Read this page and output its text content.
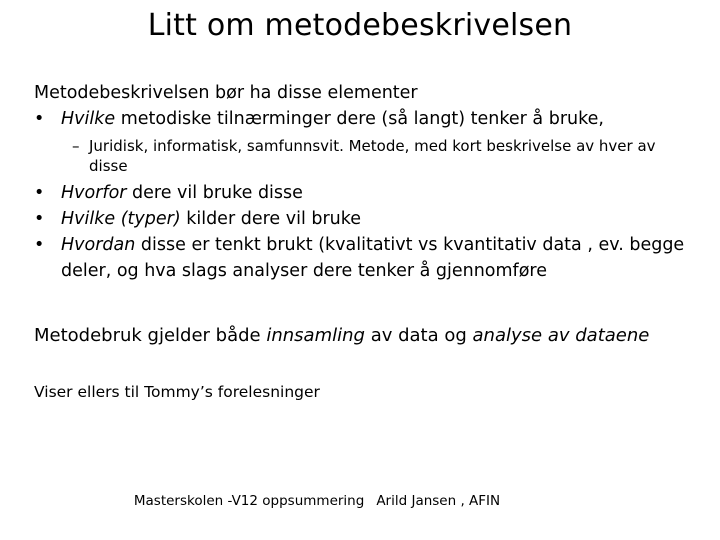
Litt om metodebeskrivelsen

Metodebeskrivelsen bør ha disse elementer

• Hvilke metodiske tilnærminger dere (så langt) tenker å bruke,

– Juridisk, informatisk, samfunnsvit. Metode, med kort beskrivelse av hver av disse

• Hvorfor dere vil bruke disse

• Hvilke (typer) kilder dere vil bruke

• Hvordan disse er tenkt brukt (kvalitativt vs kvantitativ data , ev. begge deler, og hva slags analyser dere tenker å gjennomføre

Metodebruk gjelder både innsamling av data og analyse av dataene

Viser ellers til Tommy’s forelesninger

Masterskolen -V12 oppsummering Arild Jansen , AFIN
